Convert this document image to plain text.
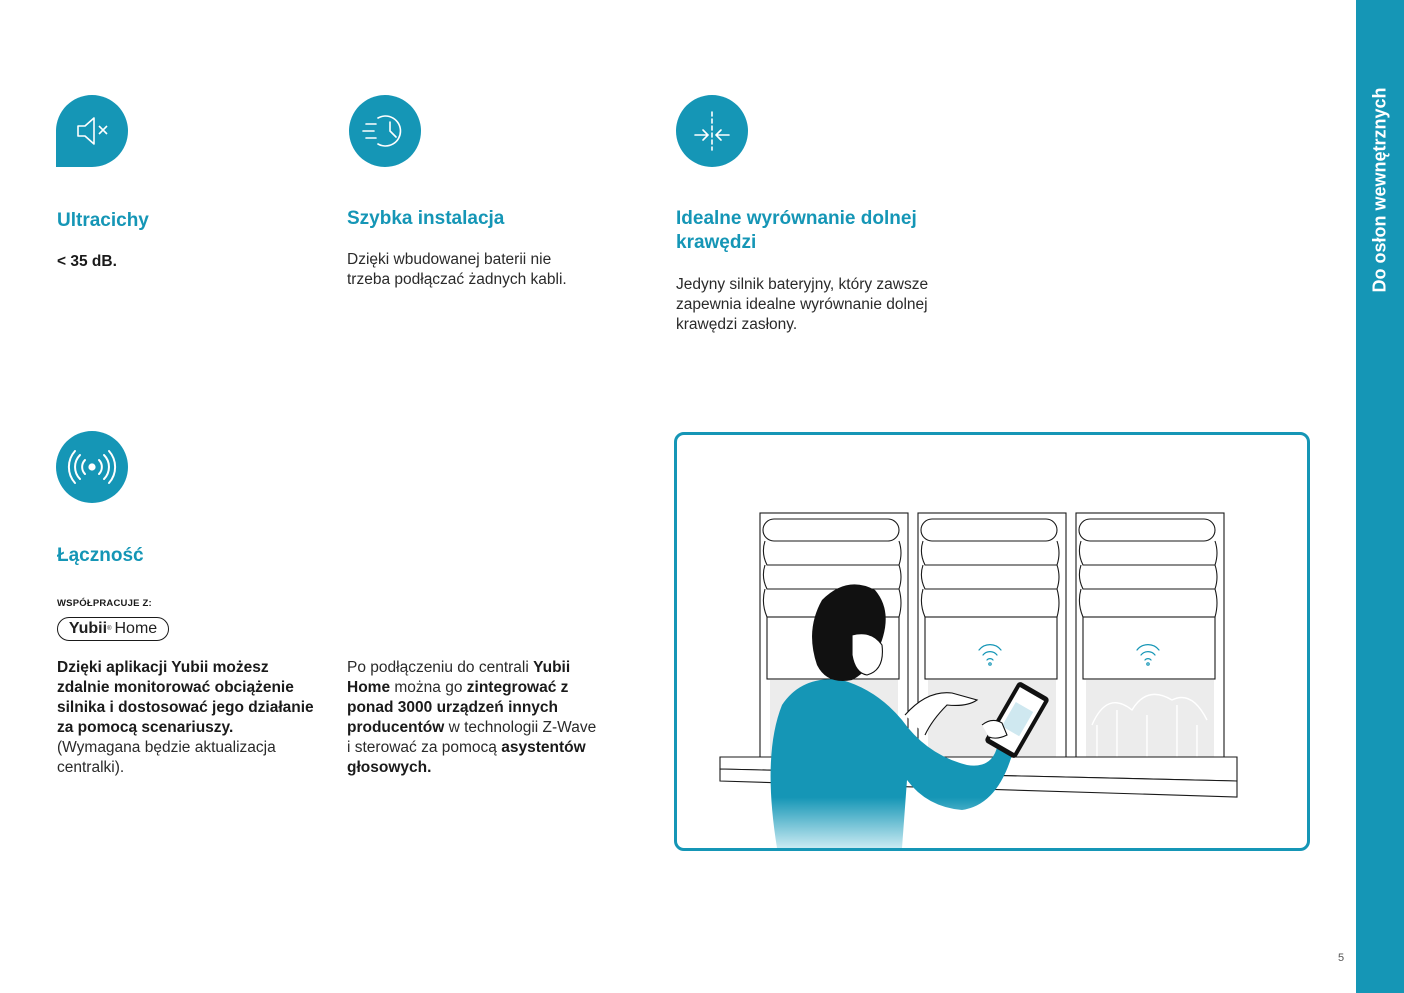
Ultracichy
< 35 dB.
Szybka instalacja
Dzięki wbudowanej baterii nie trzeba podłączać żadnych kabli.
Idealne wyrównanie dolnej krawędzi
Jedyny silnik bateryjny, który zawsze zapewnia idealne wyrównanie dolnej krawędzi zasłony.
Łączność
WSPÓŁPRACUJE Z:
Yubii ® Home
Dzięki aplikacji Yubii możesz zdalnie monitorować obciążenie silnika i dostosować jego działanie za pomocą scenariuszy. (Wymagana będzie aktualizacja centralki).
Po podłączeniu do centrali Yubii Home można go zintegrować z ponad 3000 urządzeń innych producentów w technologii Z-Wave i sterować za pomocą asystentów głosowych.
Do osłon wewnętrznych
5
